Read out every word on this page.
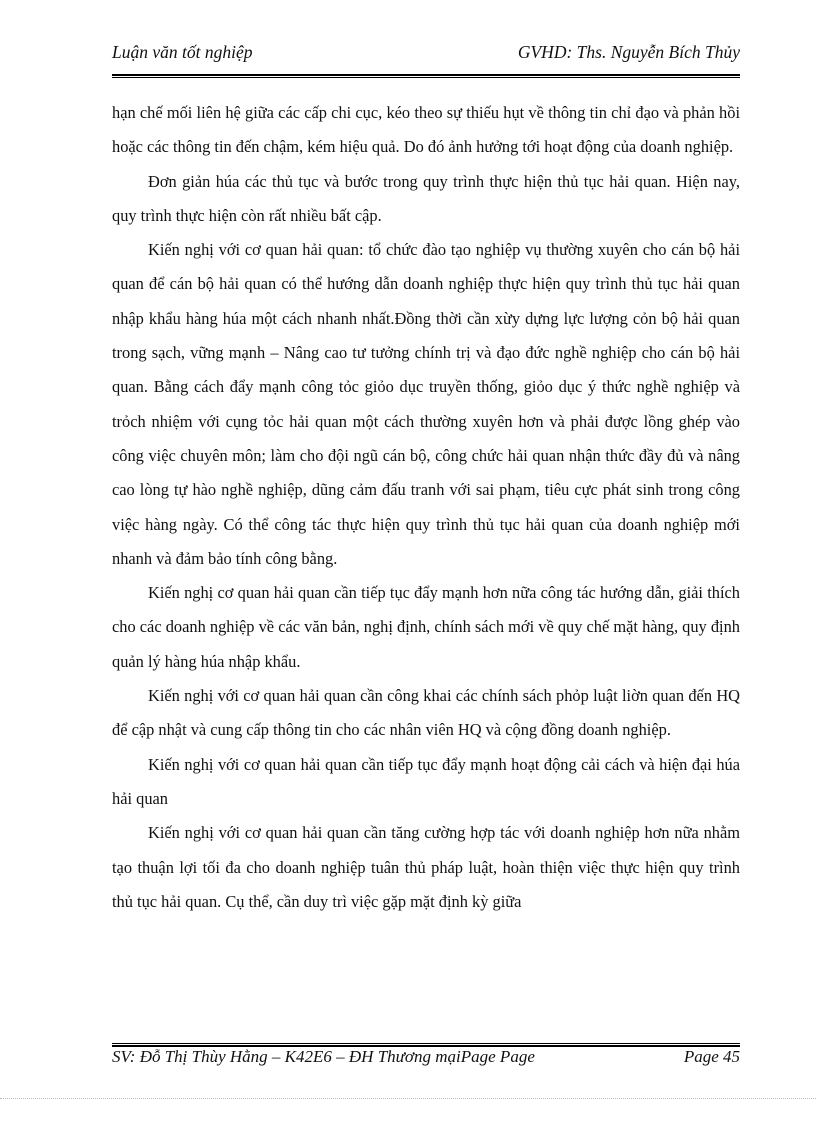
Luận văn tốt nghiệp	GVHD: Ths. Nguyễn Bích Thủy

hạn chế mối liên hệ giữa các cấp chi cục, kéo theo sự thiếu hụt về thông tin chỉ đạo và phản hồi hoặc các thông tin đến chậm, kém hiệu quả. Do đó ảnh hưởng tới hoạt động của doanh nghiệp.

Đơn giản húa các thủ tục và bước trong quy trình thực hiện thủ tục hải quan. Hiện nay, quy trình thực hiện còn rất nhiều bất cập.

Kiến nghị với cơ quan hải quan: tổ chức đào tạo nghiệp vụ thường xuyên cho cán bộ hải quan để cán bộ hải quan có thể hướng dẫn doanh nghiệp thực hiện quy trình thủ tục hải quan nhập khẩu hàng húa một cách nhanh nhất.Đồng thời cần xừy dựng lực lượng cỏn bộ hải quan trong sạch, vững mạnh – Nâng cao tư tưởng chính trị và đạo đức nghề nghiệp cho cán bộ hải quan. Bằng cách đẩy mạnh công tỏc giỏo dục truyền thống, giỏo dục ý thức nghề nghiệp và trỏch nhiệm với cụng tỏc hải quan một cách thường xuyên hơn và phải được lồng ghép vào công việc chuyên môn; làm cho đội ngũ cán bộ, công chức hải quan nhận thức đầy đủ và nâng cao lòng tự hào nghề nghiệp, dũng cảm đấu tranh với sai phạm, tiêu cực phát sinh trong công việc hàng ngày. Có thể công tác thực hiện quy trình thủ tục hải quan của doanh nghiệp mới nhanh và đảm bảo tính công bằng.

Kiến nghị cơ quan hải quan cần tiếp tục đẩy mạnh hơn nữa công tác hướng dẫn, giải thích cho các doanh nghiệp về các văn bản, nghị định, chính sách mới về quy chế mặt hàng, quy định quản lý hàng húa nhập khẩu.

Kiến nghị với cơ quan hải quan cần công khai các chính sách phỏp luật liờn quan đến HQ để cập nhật và cung cấp thông tin cho các nhân viên HQ và cộng đồng doanh nghiệp.

Kiến nghị với cơ quan hải quan cần tiếp tục đẩy mạnh hoạt động cải cách và hiện đại húa hải quan

Kiến nghị với cơ quan hải quan cần tăng cường hợp tác với doanh nghiệp hơn nữa nhằm tạo thuận lợi tối đa cho doanh nghiệp tuân thủ pháp luật, hoàn thiện việc thực hiện quy trình thủ tục hải quan. Cụ thể, cần duy trì việc gặp mặt định kỳ giữa

SV: Đỗ Thị Thùy Hằng – K42E6 – ĐH Thương mạiPage Page	Page 45
